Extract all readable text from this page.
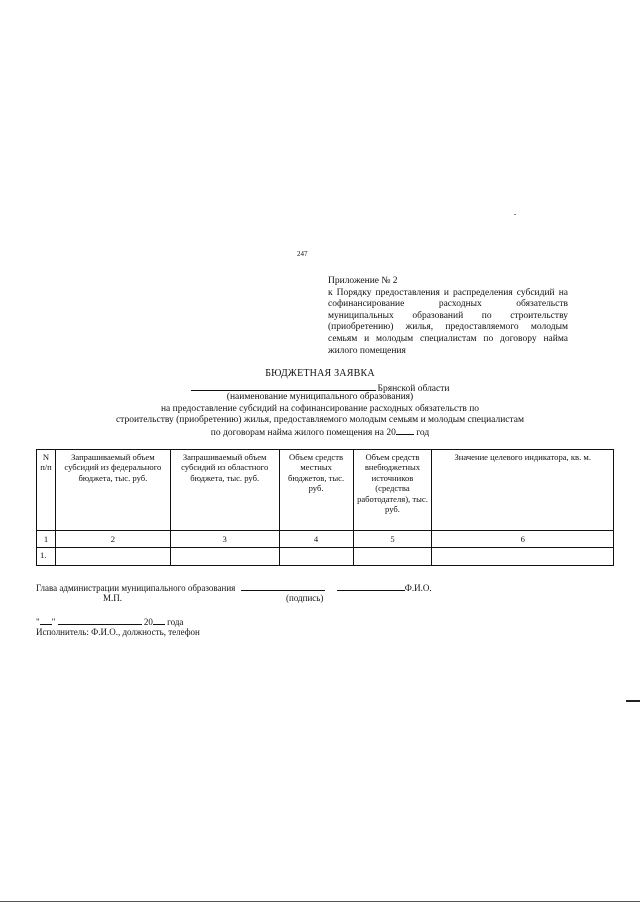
247
Приложение № 2
к Порядку предоставления и распределения субсидий на софинансирование расходных обязательств муниципальных образований по строительству (приобретению) жилья, предоставляемого молодым семьям и молодым специалистам по договору найма жилого помещения
БЮДЖЕТНАЯ ЗАЯВКА
Брянской области
(наименование муниципального образования)
на предоставление субсидий на софинансирование расходных обязательств по
строительству (приобретению) жилья, предоставляемого молодым семьям и молодым специалистам
по договорам найма жилого помещения на 20 год
N п/п	Запрашиваемый объем субсидий из федерального бюджета, тыс. руб.	Запрашиваемый объем субсидий из областного бюджета, тыс. руб.	Объем средств местных бюджетов, тыс. руб.	Объем средств внебюджетных источников (средства работодателя), тыс. руб.	Значение целевого индикатора, кв. м.
1	2	3	4	5	6
1.					
Глава администрации муниципального образования	Ф.И.О.
М.П.	(подпись)
" "	20 года
Исполнитель: Ф.И.О., должность, телефон
